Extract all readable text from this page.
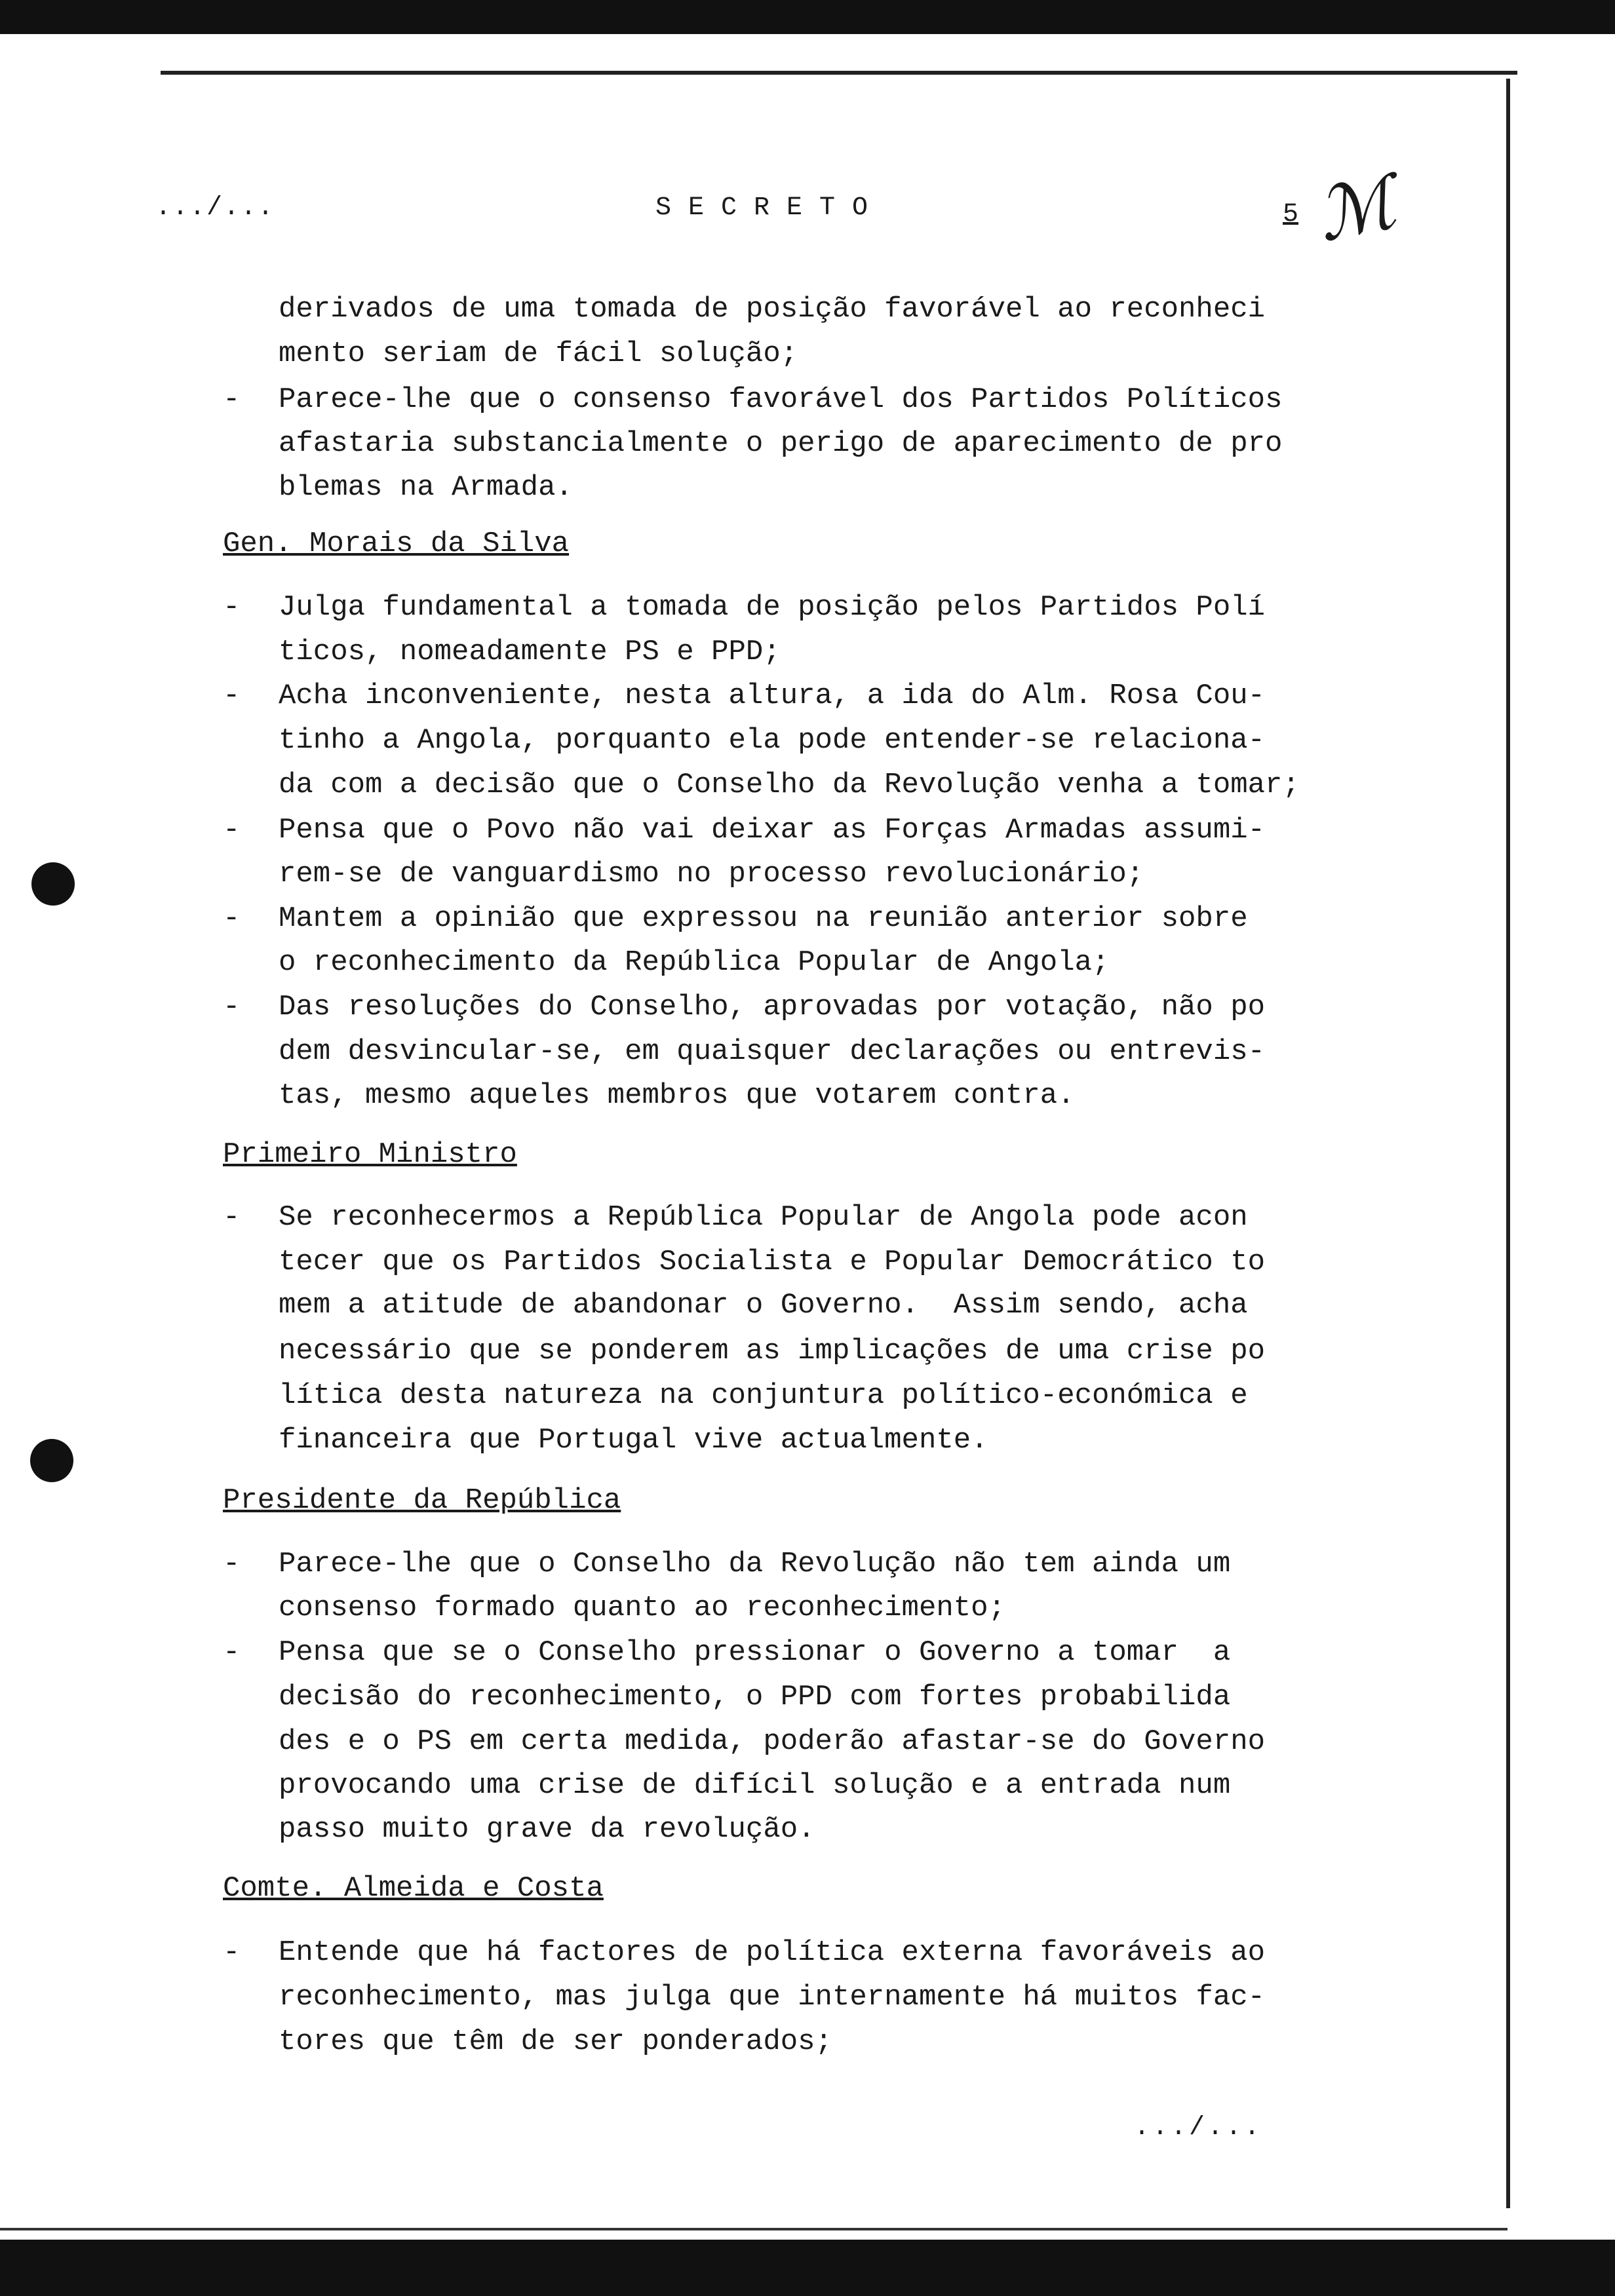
.../...	SECRETO	5 ℳ
derivados de uma tomada de posição favorável ao reconheci
mento seriam de fácil solução;
- Parece-lhe que o consenso favorável dos Partidos Políticos
afastaria substancialmente o perigo de aparecimento de pro
blemas na Armada.
Gen. Morais da Silva
- Julga fundamental a tomada de posição pelos Partidos Polí
ticos, nomeadamente PS e PPD;
- Acha inconveniente, nesta altura, a ida do Alm. Rosa Cou-
tinho a Angola, porquanto ela pode entender-se relaciona-
da com a decisão que o Conselho da Revolução venha a tomar;
- Pensa que o Povo não vai deixar as Forças Armadas assumi-
rem-se de vanguardismo no processo revolucionário;
- Mantem a opinião que expressou na reunião anterior sobre
o reconhecimento da República Popular de Angola;
- Das resoluções do Conselho, aprovadas por votação, não po
dem desvincular-se, em quaisquer declarações ou entrevis-
tas, mesmo aqueles membros que votarem contra.
Primeiro Ministro
- Se reconhecermos a República Popular de Angola pode acon
tecer que os Partidos Socialista e Popular Democrático to
mem a atitude de abandonar o Governo.  Assim sendo, acha
necessário que se ponderem as implicações de uma crise po
lítica desta natureza na conjuntura político-económica e
financeira que Portugal vive actualmente.
Presidente da República
- Parece-lhe que o Conselho da Revolução não tem ainda um
consenso formado quanto ao reconhecimento;
- Pensa que se o Conselho pressionar o Governo a tomar  a
decisão do reconhecimento, o PPD com fortes probabilida
des e o PS em certa medida, poderão afastar-se do Governo
provocando uma crise de difícil solução e a entrada num
passo muito grave da revolução.
Comte. Almeida e Costa
- Entende que há factores de política externa favoráveis ao
reconhecimento, mas julga que internamente há muitos fac-
tores que têm de ser ponderados;
.../...
